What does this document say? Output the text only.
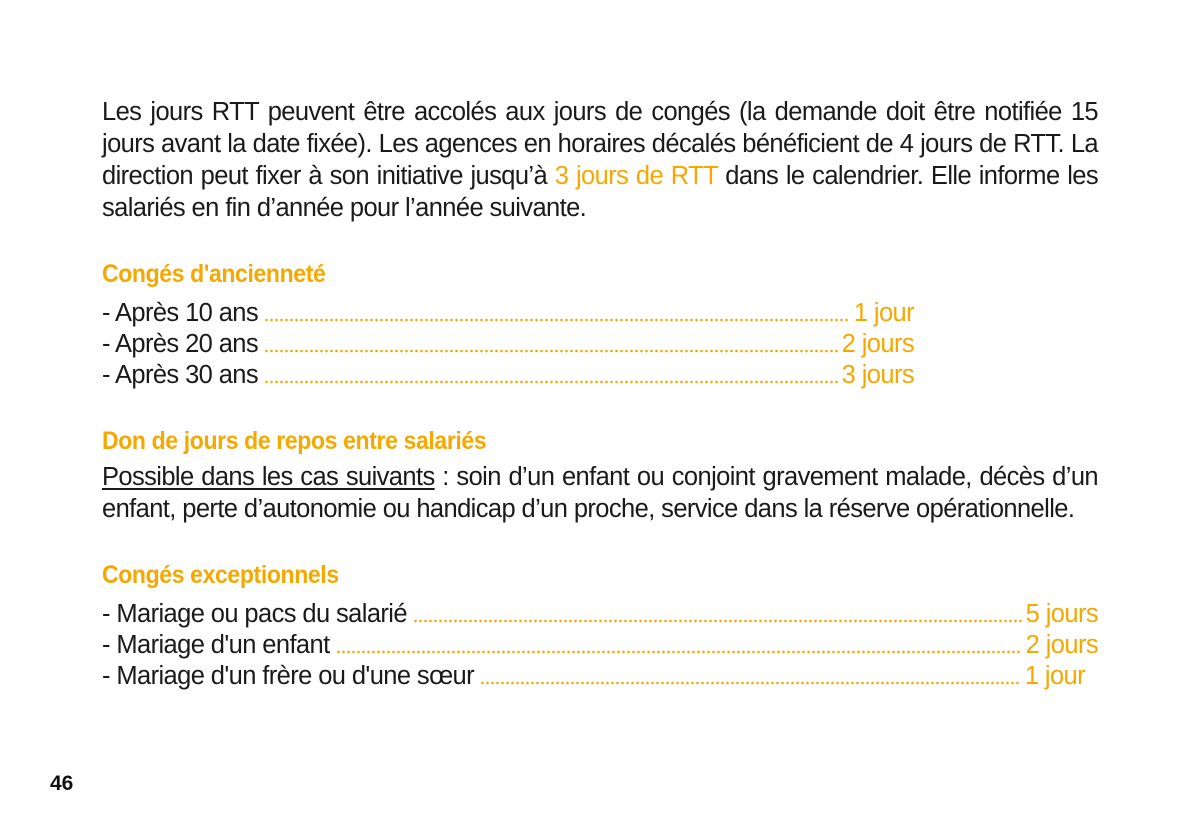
Les jours RTT peuvent être accolés aux jours de congés (la demande doit être notifiée 15 jours avant la date fixée). Les agences en horaires décalés bénéficient de 4 jours de RTT. La direction peut fixer à son initiative jusqu’à 3 jours de RTT dans le calendrier. Elle informe les salariés en fin d’année pour l’année suivante.

Congés d'ancienneté
- Après 10 ans	1 jour
- Après 20 ans	2 jours
- Après 30 ans	3 jours
Don de jours de repos entre salariés

Possible dans les cas suivants : soin d’un enfant ou conjoint gravement malade, décès d’un enfant, perte d’autonomie ou handicap d’un proche, service dans la réserve opérationnelle.

Congés exceptionnels
- Mariage ou pacs du salarié	5 jours
- Mariage d'un enfant	2 jours
- Mariage d'un frère ou d'une sœur	1 jour
46
